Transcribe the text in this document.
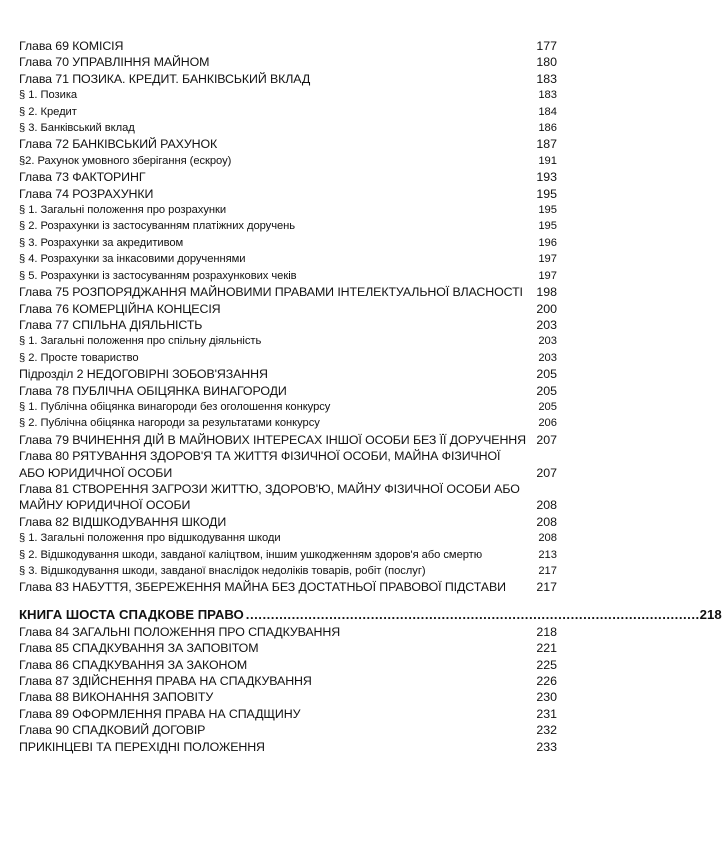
Глава 69 КОМІСІЯ	177
Глава 70 УПРАВЛІННЯ МАЙНОМ	180
Глава 71 ПОЗИКА. КРЕДИТ. БАНКІВСЬКИЙ ВКЛАД	183
§ 1. Позика	183
§ 2. Кредит	184
§ 3. Банківський вклад	186
Глава 72 БАНКІВСЬКИЙ РАХУНОК	187
§2. Рахунок умовного зберігання (ескроу)	191
Глава 73 ФАКТОРИНГ	193
Глава 74 РОЗРАХУНКИ	195
§ 1. Загальні положення про розрахунки	195
§ 2. Розрахунки із застосуванням платіжних доручень	195
§ 3. Розрахунки за акредитивом	196
§ 4. Розрахунки за інкасовими дорученнями	197
§ 5. Розрахунки із застосуванням розрахункових чеків	197
Глава 75 РОЗПОРЯДЖАННЯ МАЙНОВИМИ ПРАВАМИ ІНТЕЛЕКТУАЛЬНОЇ ВЛАСНОСТІ	198
Глава 76 КОМЕРЦІЙНА КОНЦЕСІЯ	200
Глава 77 СПІЛЬНА ДІЯЛЬНІСТЬ	203
§ 1. Загальні положення про спільну діяльність	203
§ 2. Просте товариство	203
Підрозділ 2 НЕДОГОВІРНІ ЗОБОВ'ЯЗАННЯ	205
Глава 78 ПУБЛІЧНА ОБІЦЯНКА ВИНАГОРОДИ	205
§ 1. Публічна обіцянка винагороди без оголошення конкурсу	205
§ 2. Публічна обіцянка нагороди за результатами конкурсу	206
Глава 79 ВЧИНЕННЯ ДІЙ В МАЙНОВИХ ІНТЕРЕСАХ ІНШОЇ ОСОБИ БЕЗ ЇЇ ДОРУЧЕННЯ 207
Глава 80 РЯТУВАННЯ ЗДОРОВ'Я ТА ЖИТТЯ ФІЗИЧНОЇ ОСОБИ, МАЙНА ФІЗИЧНОЇ АБО ЮРИДИЧНОЇ ОСОБИ	207
Глава 81 СТВОРЕННЯ ЗАГРОЗИ ЖИТТЮ, ЗДОРОВ'Ю, МАЙНУ ФІЗИЧНОЇ ОСОБИ АБО МАЙНУ ЮРИДИЧНОЇ ОСОБИ	208
Глава 82 ВІДШКОДУВАННЯ ШКОДИ	208
§ 1. Загальні положення про відшкодування шкоди	208
§ 2. Відшкодування шкоди, завданої каліцтвом, іншим ушкодженням здоров'я або смертю	213
§ 3. Відшкодування шкоди, завданої внаслідок недоліків товарів, робіт (послуг)	217
Глава 83 НАБУТТЯ, ЗБЕРЕЖЕННЯ МАЙНА БЕЗ ДОСТАТНЬОЇ ПРАВОВОЇ ПІДСТАВИ	217
КНИГА ШОСТА СПАДКОВЕ ПРАВО ............................................................................................................. 218
Глава 84 ЗАГАЛЬНІ ПОЛОЖЕННЯ ПРО СПАДКУВАННЯ	218
Глава 85 СПАДКУВАННЯ ЗА ЗАПОВІТОМ	221
Глава 86 СПАДКУВАННЯ ЗА ЗАКОНОМ	225
Глава 87 ЗДІЙСНЕННЯ ПРАВА НА СПАДКУВАННЯ	226
Глава 88 ВИКОНАННЯ ЗАПОВІТУ	230
Глава 89 ОФОРМЛЕННЯ ПРАВА НА СПАДЩИНУ	231
Глава 90 СПАДКОВИЙ ДОГОВІР	232
ПРИКІНЦЕВІ ТА ПЕРЕХІДНІ ПОЛОЖЕННЯ	233
